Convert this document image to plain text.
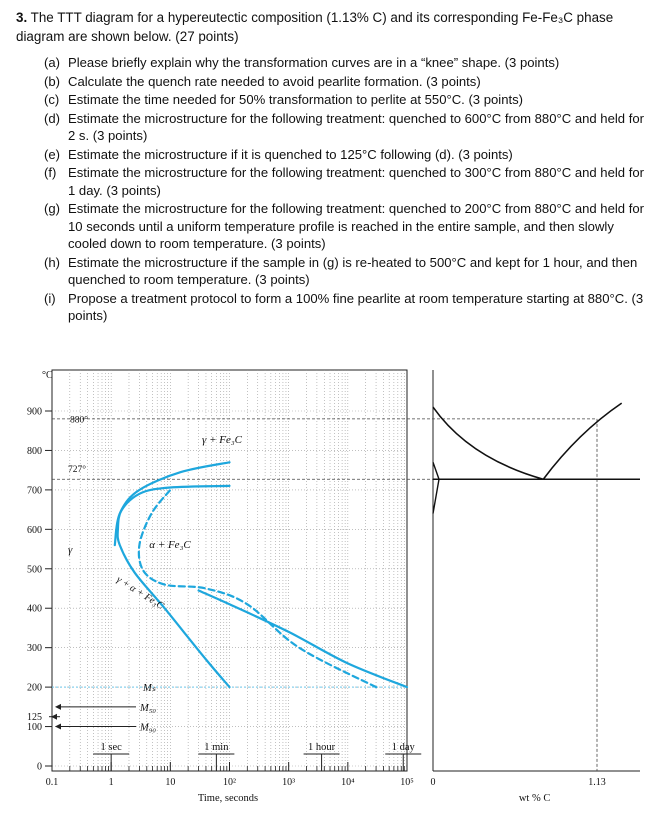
3. The TTT diagram for a hypereutectic composition (1.13% C) and its corresponding Fe-Fe₃C phase diagram are shown below. (27 points)
(a) Please briefly explain why the transformation curves are in a “knee” shape. (3 points)
(b) Calculate the quench rate needed to avoid pearlite formation. (3 points)
(c) Estimate the time needed for 50% transformation to perlite at 550°C. (3 points)
(d) Estimate the microstructure for the following treatment: quenched to 600°C from 880°C and held for 2 s. (3 points)
(e) Estimate the microstructure if it is quenched to 125°C following (d). (3 points)
(f) Estimate the microstructure for the following treatment: quenched to 300°C from 880°C and held for 1 day. (3 points)
(g) Estimate the microstructure for the following treatment: quenched to 200°C from 880°C and held for 10 seconds until a uniform temperature profile is reached in the entire sample, and then slowly cooled down to room temperature. (3 points)
(h) Estimate the microstructure if the sample in (g) is re-heated to 500°C and kept for 1 hour, and then quenched to room temperature. (3 points)
(i) Propose a treatment protocol to form a 100% fine pearlite at room temperature starting at 880°C. (3 points)
0
100
200
300
400
500
600
700
800
900
125
°C
0.1	1	10	10²	10³	10⁴	10⁵
Time, seconds
1 sec	1 min	1 hour	1 day
880°
727°
Mₛ
M₅₀
M₉₀
γ + Fe₃C
α + Fe₃C
γ
γ + α + Fe₃C
0	1.13
wt % C
